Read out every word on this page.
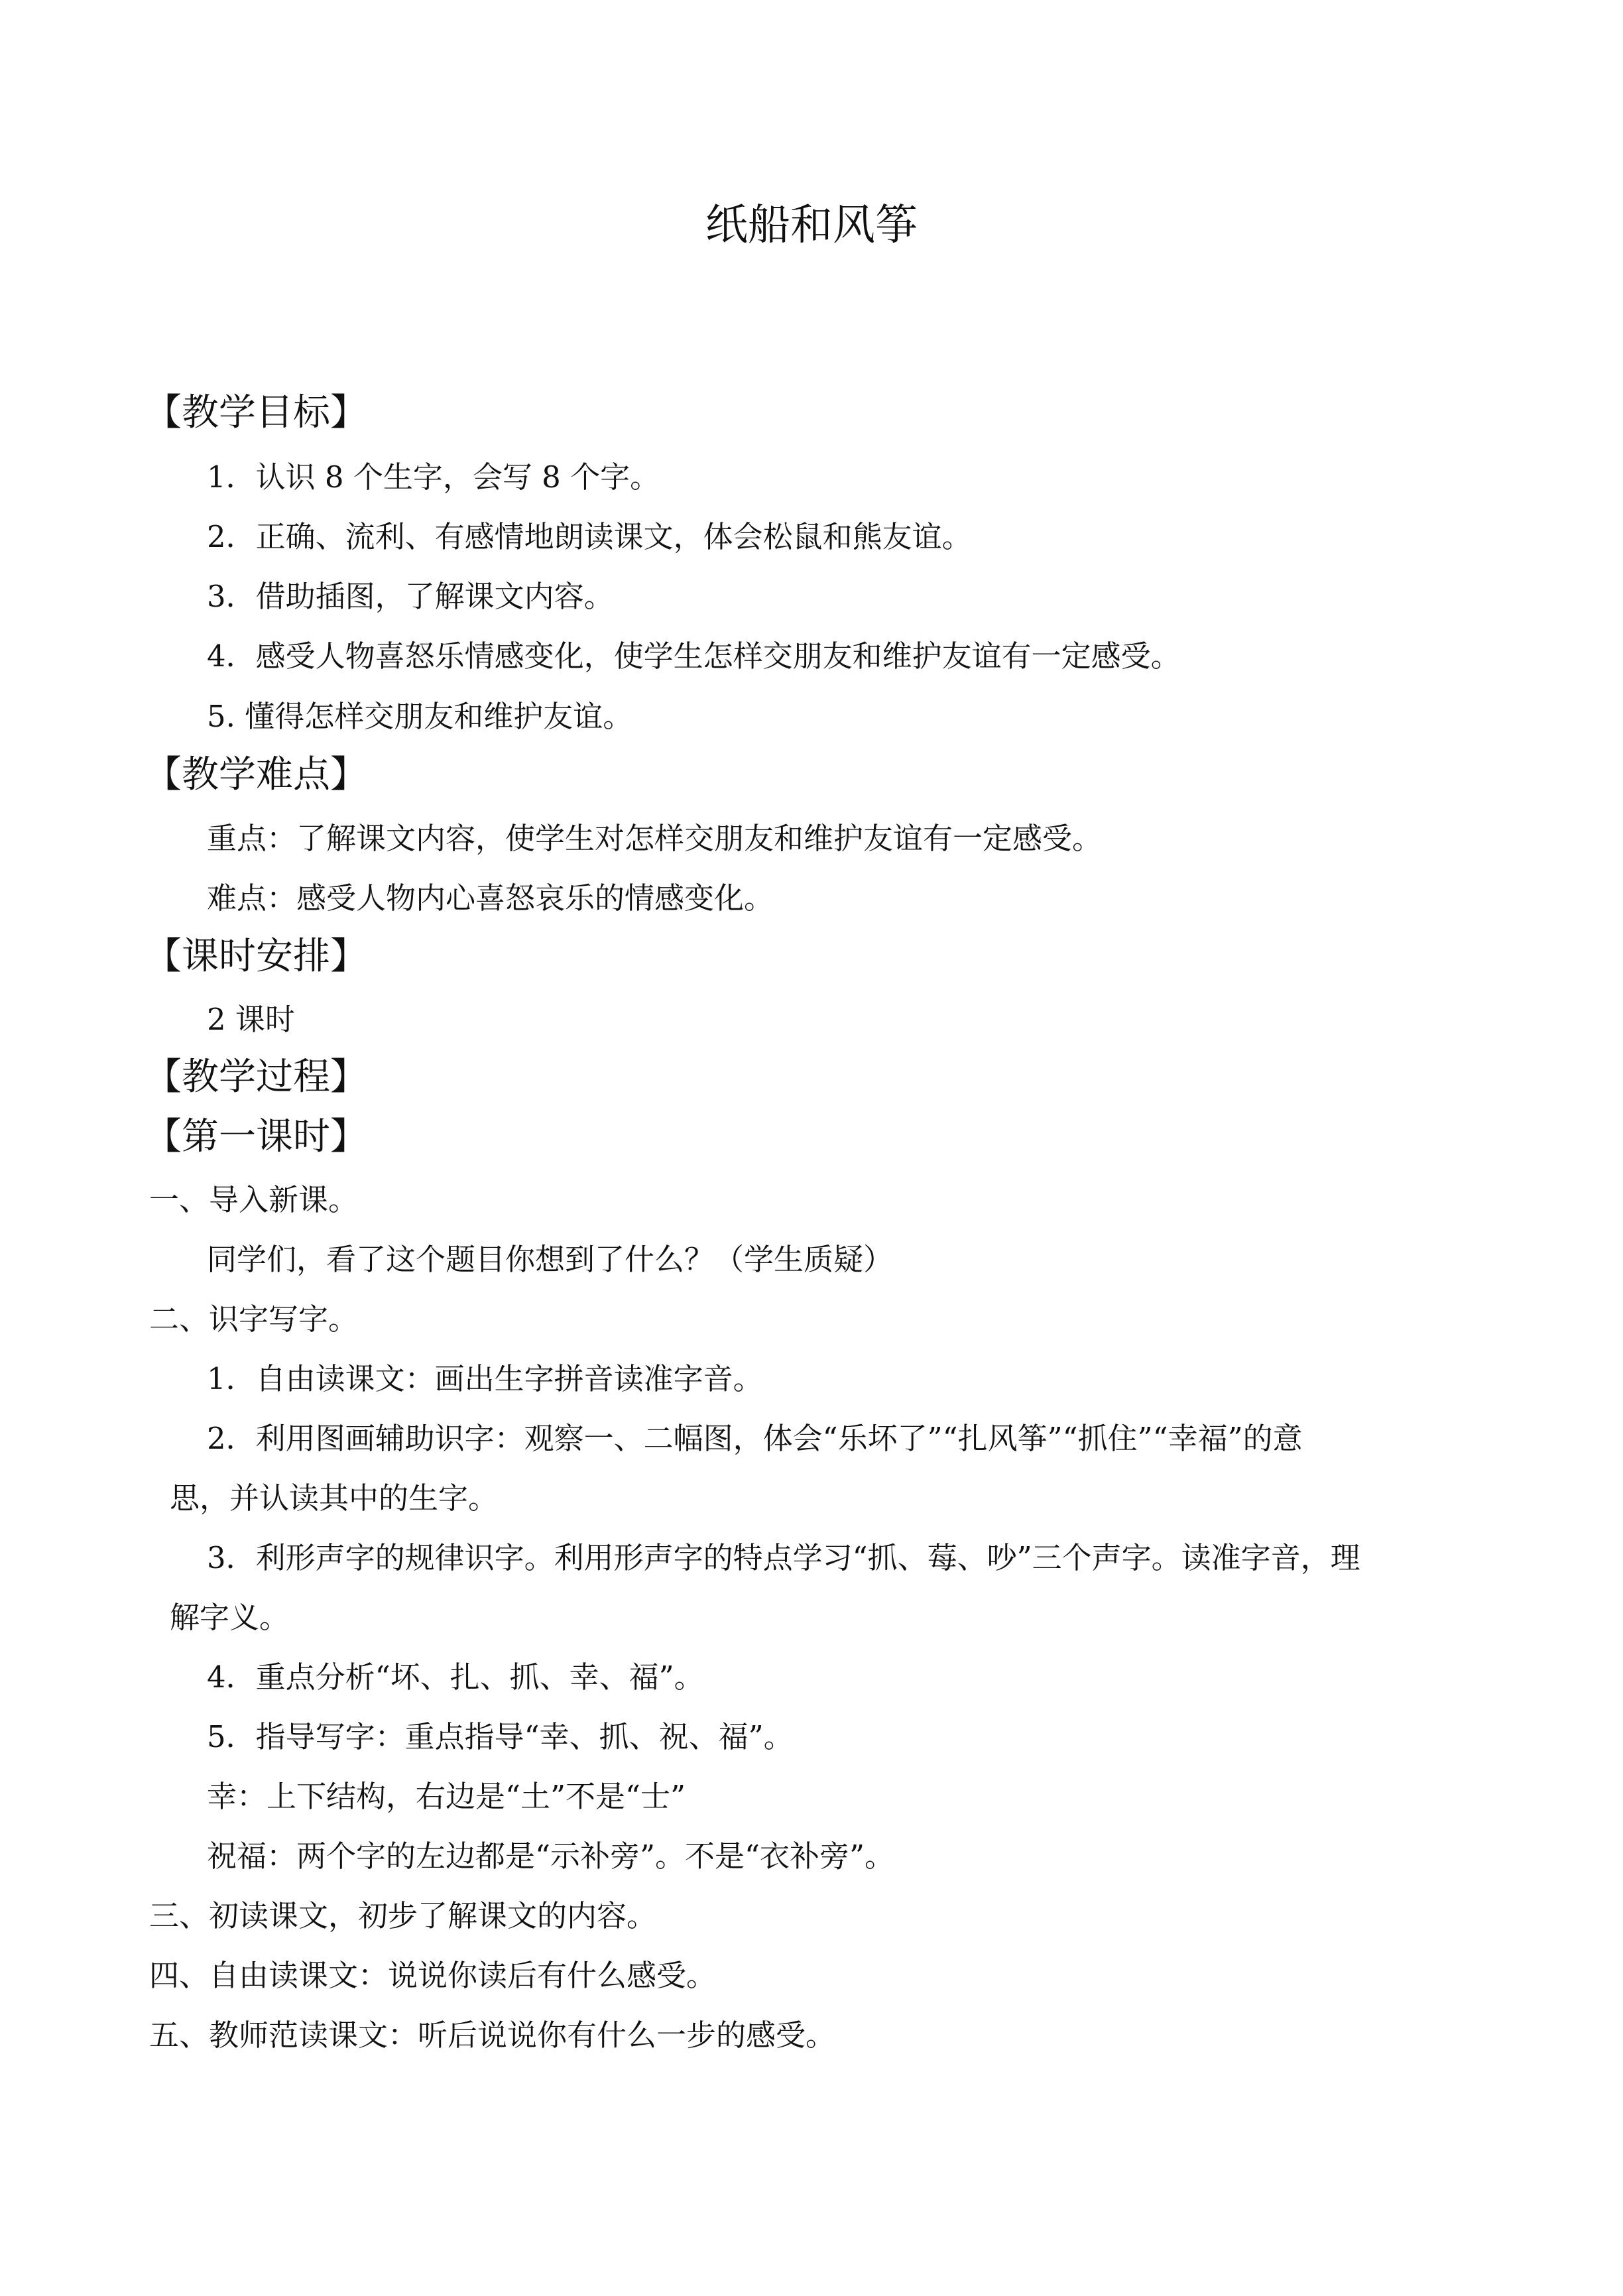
纸船和风筝
【教学目标】
1．认识 8 个生字，会写 8 个字。
2．正确、流利、有感情地朗读课文，体会松鼠和熊友谊。
3．借助插图，了解课文内容。
4．感受人物喜怒乐情感变化，使学生怎样交朋友和维护友谊有一定感受。
5. 懂得怎样交朋友和维护友谊。
【教学难点】
重点：了解课文内容，使学生对怎样交朋友和维护友谊有一定感受。
难点：感受人物内心喜怒哀乐的情感变化。
【课时安排】
2 课时
【教学过程】
【第一课时】
一、导入新课。
同学们，看了这个题目你想到了什么？（学生质疑）
二、识字写字。
1．自由读课文：画出生字拼音读准字音。
2．利用图画辅助识字：观察一、二幅图，体会“乐坏了”“扎风筝”“抓住”“幸福”的意
思，并认读其中的生字。
3．利形声字的规律识字。利用形声字的特点学习“抓、莓、吵”三个声字。读准字音，理
解字义。
4．重点分析“坏、扎、抓、幸、福”。
5．指导写字：重点指导“幸、抓、祝、福”。
幸：上下结构，右边是“土”不是“士”
祝福：两个字的左边都是“示补旁”。不是“衣补旁”。
三、初读课文，初步了解课文的内容。
四、自由读课文：说说你读后有什么感受。
五、教师范读课文：听后说说你有什么一步的感受。
